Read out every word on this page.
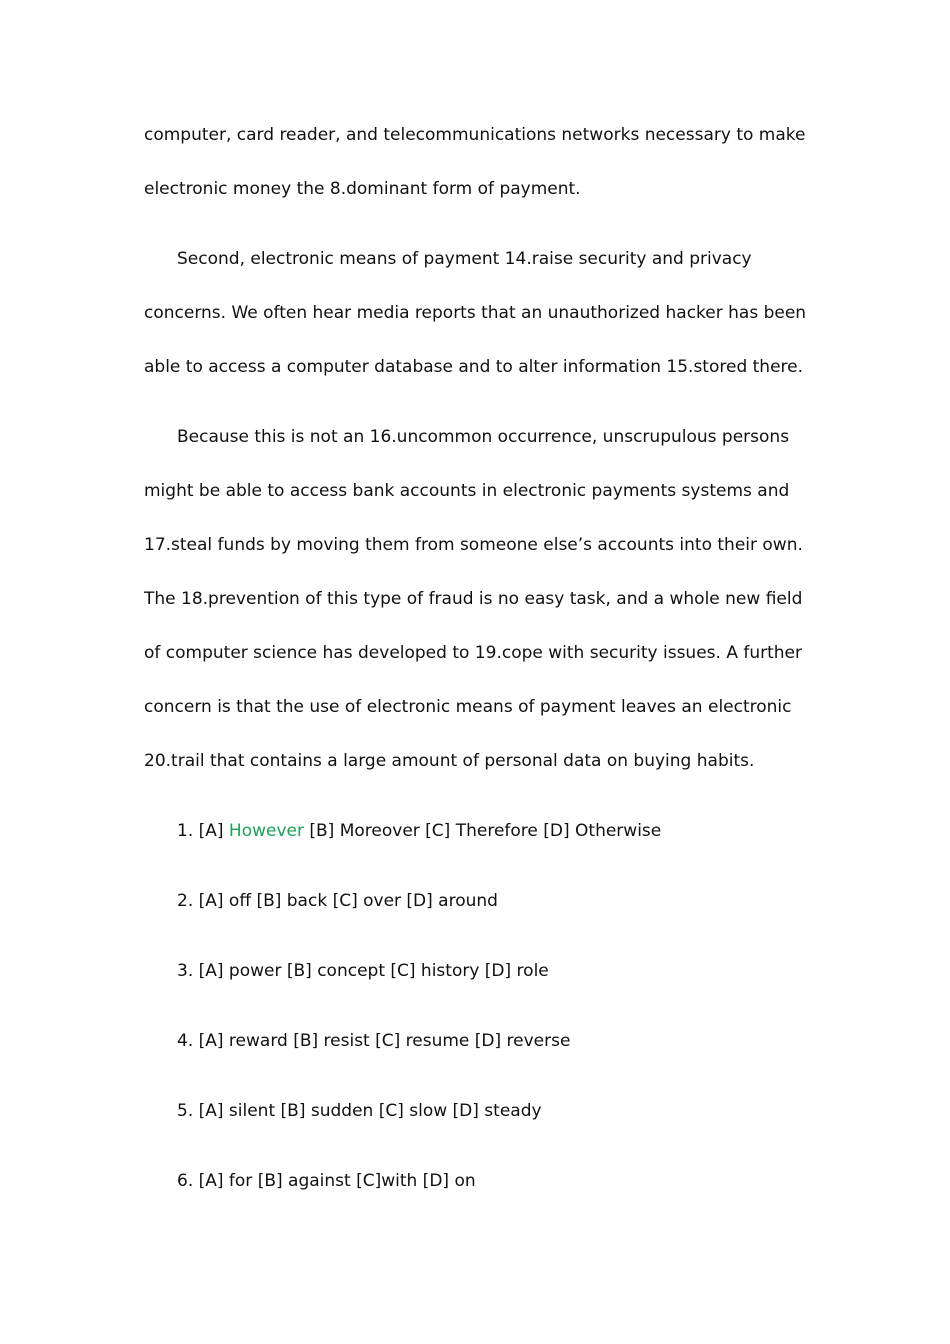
computer, card reader, and telecommunications networks necessary to make
electronic money the 8.dominant form of payment.
Second, electronic means of payment 14.raise security and privacy
concerns. We often hear media reports that an unauthorized hacker has been
able to access a computer database and to alter information 15.stored there.
Because this is not an 16.uncommon occurrence, unscrupulous persons
might be able to access bank accounts in electronic payments systems and
17.steal funds by moving them from someone else’s accounts into their own.
The 18.prevention of this type of fraud is no easy task, and a whole new field
of computer science has developed to 19.cope with security issues. A further
concern is that the use of electronic means of payment leaves an electronic
20.trail that contains a large amount of personal data on buying habits.
1. [A] However [B] Moreover [C] Therefore [D] Otherwise
2. [A] off [B] back [C] over [D] around
3. [A] power [B] concept [C] history [D] role
4. [A] reward [B] resist [C] resume [D] reverse
5. [A] silent [B] sudden [C] slow [D] steady
6. [A] for [B] against [C]with [D] on
